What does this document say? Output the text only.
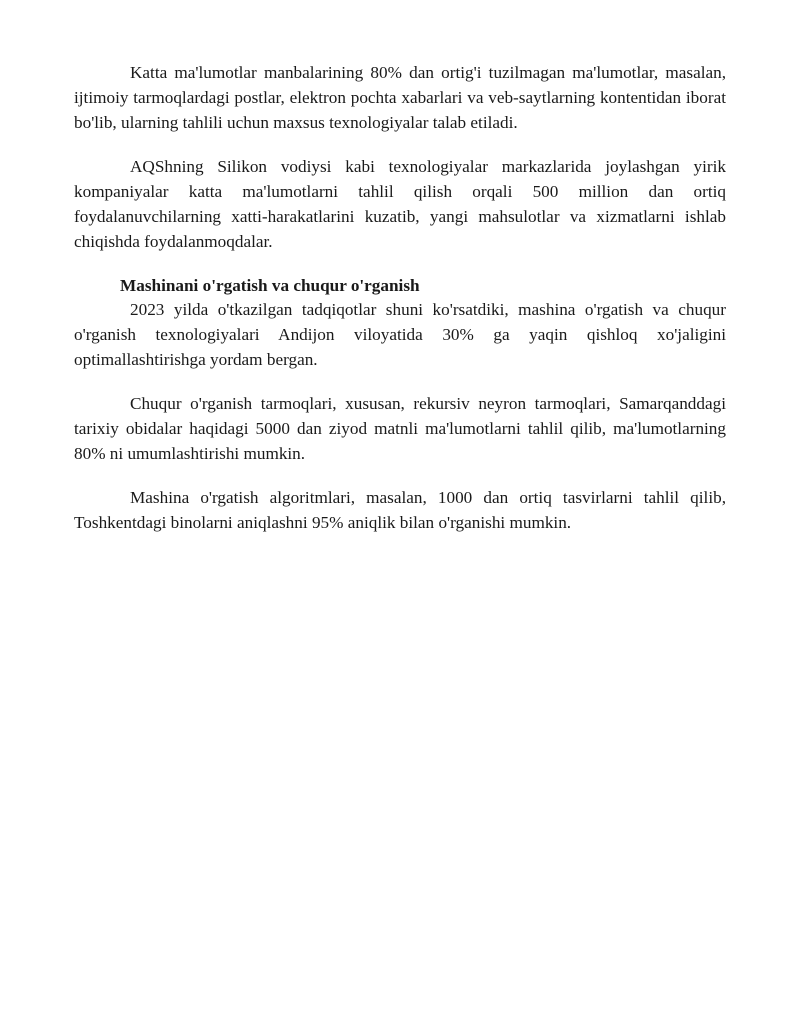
Katta ma'lumotlar manbalarining 80% dan ortig'i tuzilmagan ma'lumotlar, masalan, ijtimoiy tarmoqlardagi postlar, elektron pochta xabarlari va veb-saytlarning kontentidan iborat bo'lib, ularning tahlili uchun maxsus texnologiyalar talab etiladi.

AQShning Silikon vodiysi kabi texnologiyalar markazlarida joylashgan yirik kompaniyalar katta ma'lumotlarni tahlil qilish orqali 500 million dan ortiq foydalanuvchilarning xatti-harakatlarini kuzatib, yangi mahsulotlar va xizmatlarni ishlab chiqishda foydalanmoqdalar.

Mashinani o'rgatish va chuqur o'rganish

2023 yilda o'tkazilgan tadqiqotlar shuni ko'rsatdiki, mashina o'rgatish va chuqur o'rganish texnologiyalari Andijon viloyatida 30% ga yaqin qishloq xo'jaligini optimallashtirishga yordam bergan.

Chuqur o'rganish tarmoqlari, xususan, rekursiv neyron tarmoqlari, Samarqanddagi tarixiy obidalar haqidagi 5000 dan ziyod matnli ma'lumotlarni tahlil qilib, ma'lumotlarning 80% ni umumlashtirishi mumkin.

Mashina o'rgatish algoritmlari, masalan, 1000 dan ortiq tasvirlarni tahlil qilib, Toshkentdagi binolarni aniqlashni 95% aniqlik bilan o'rganishi mumkin.
